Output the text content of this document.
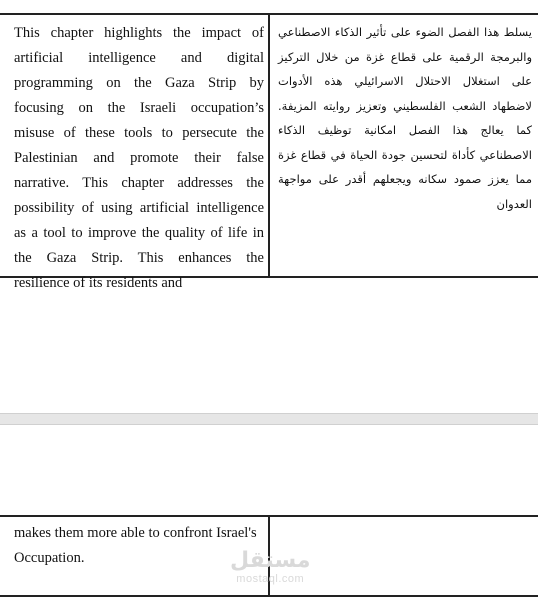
This chapter highlights the impact of artificial intelligence and digital programming on the Gaza Strip by focusing on the Israeli occupation’s misuse of these tools to persecute the Palestinian and promote their false narrative. This chapter addresses the possibility of using artificial intelligence as a tool to improve the quality of life in the Gaza Strip. This enhances the resilience of its residents and
يسلط هذا الفصل الضوء على تأثير الذكاء الاصطناعي والبرمجة الرقمية على قطاع غزة من خلال التركيز على استغلال الاحتلال الاسرائيلي هذه الأدوات لاضطهاد الشعب الفلسطيني وتعزيز روايته المزيفة. كما يعالج هذا الفصل امكانية توظيف الذكاء الاصطناعي كأداة لتحسين جودة الحياة في قطاع غزة مما يعزز صمود سكانه ويجعلهم أقدر على مواجهة العدوان
makes them more able to confront Israel's Occupation.	مستقل
mostaql.com
